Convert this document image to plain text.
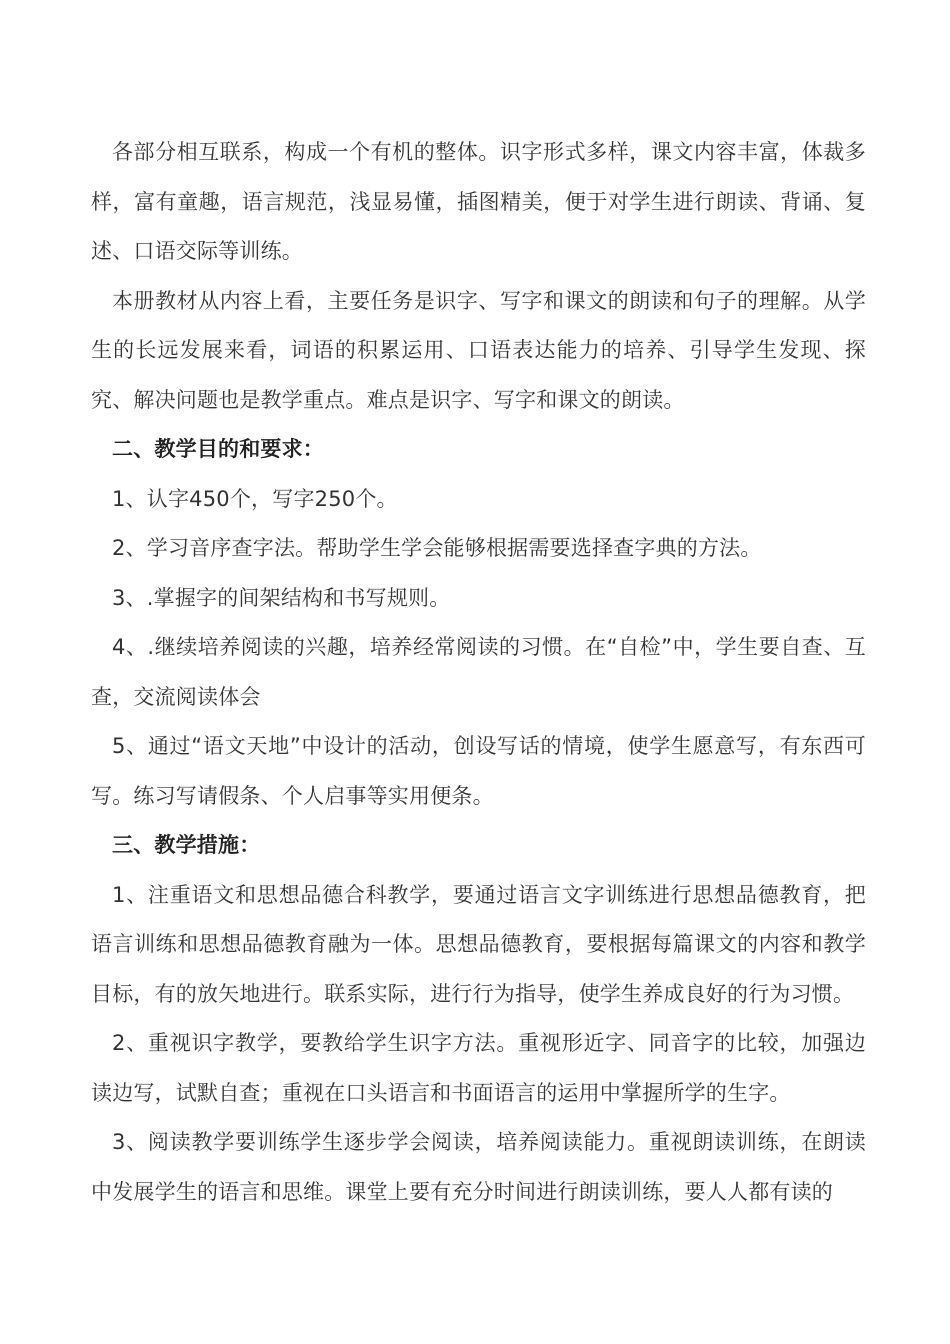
各部分相互联系，构成一个有机的整体。识字形式多样，课文内容丰富，体裁多样，富有童趣，语言规范，浅显易懂，插图精美，便于对学生进行朗读、背诵、复述、口语交际等训练。

本册教材从内容上看，主要任务是识字、写字和课文的朗读和句子的理解。从学生的长远发展来看，词语的积累运用、口语表达能力的培养、引导学生发现、探究、解决问题也是教学重点。难点是识字、写字和课文的朗读。

二、教学目的和要求：

1、认字450个，写字250个。

2、学习音序查字法。帮助学生学会能够根据需要选择查字典的方法。

3、.掌握字的间架结构和书写规则。

4、.继续培养阅读的兴趣，培养经常阅读的习惯。在“自检”中，学生要自查、互查，交流阅读体会

5、通过“语文天地”中设计的活动，创设写话的情境，使学生愿意写，有东西可写。练习写请假条、个人启事等实用便条。

三、教学措施：

1、注重语文和思想品德合科教学，要通过语言文字训练进行思想品德教育，把语言训练和思想品德教育融为一体。思想品德教育，要根据每篇课文的内容和教学目标，有的放矢地进行。联系实际，进行行为指导，使学生养成良好的行为习惯。

2、重视识字教学，要教给学生识字方法。重视形近字、同音字的比较，加强边读边写，试默自查；重视在口头语言和书面语言的运用中掌握所学的生字。

3、阅读教学要训练学生逐步学会阅读，培养阅读能力。重视朗读训练，在朗读中发展学生的语言和思维。课堂上要有充分时间进行朗读训练，要人人都有读的
